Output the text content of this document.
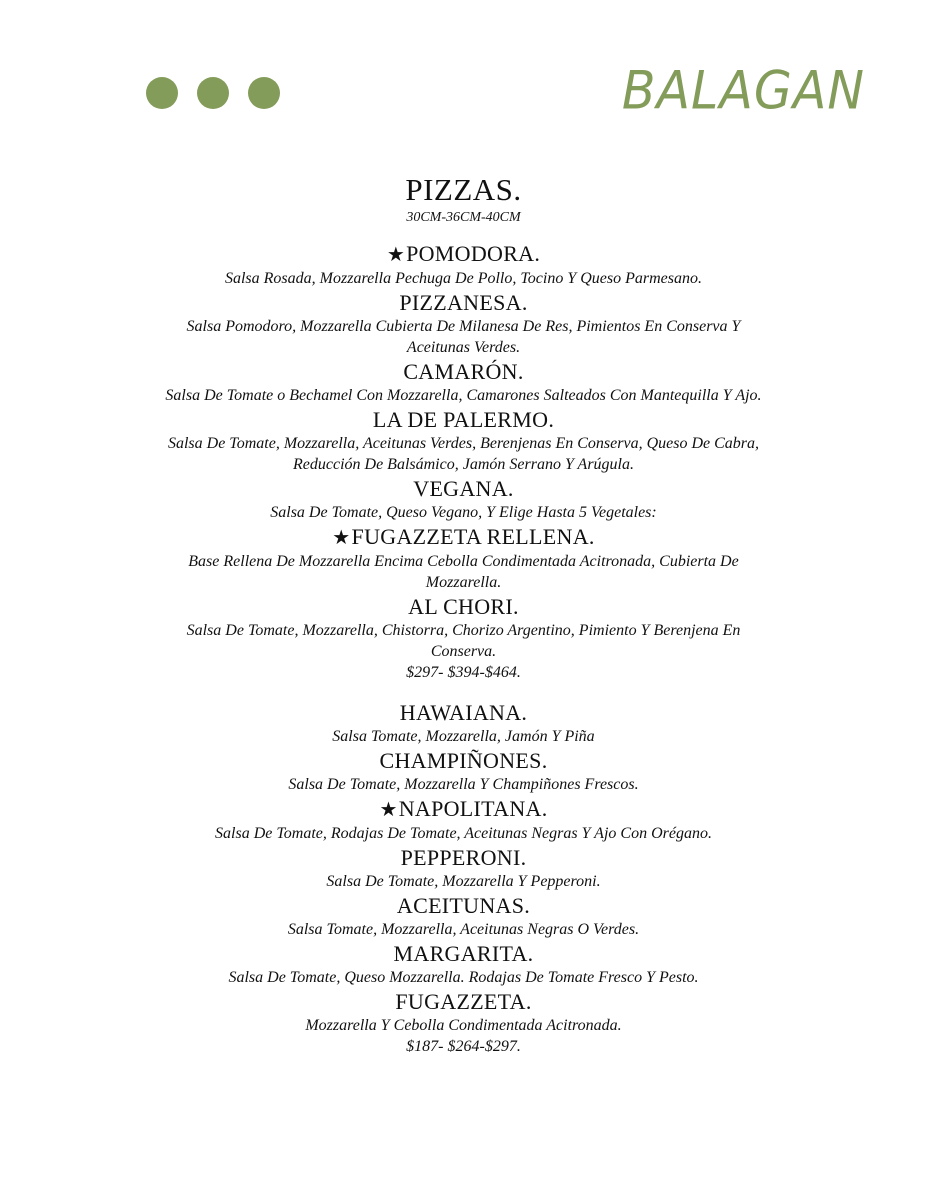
BALAGAN
PIZZAS.
30CM-36CM-40CM
★POMODORA.
Salsa Rosada, Mozzarella Pechuga De Pollo, Tocino Y Queso Parmesano.
PIZZANESA.
Salsa Pomodoro, Mozzarella Cubierta De Milanesa De Res, Pimientos En Conserva Y Aceitunas Verdes.
CAMARÓN.
Salsa De Tomate o Bechamel Con Mozzarella, Camarones Salteados Con Mantequilla Y Ajo.
LA DE PALERMO.
Salsa De Tomate, Mozzarella, Aceitunas Verdes, Berenjenas En Conserva, Queso De Cabra, Reducción De Balsámico, Jamón Serrano Y Arúgula.
VEGANA.
Salsa De Tomate, Queso Vegano, Y Elige Hasta 5 Vegetales:
★FUGAZZETA RELLENA.
Base Rellena De Mozzarella Encima Cebolla Condimentada Acitronada, Cubierta De Mozzarella.
AL CHORI.
Salsa De Tomate, Mozzarella, Chistorra, Chorizo Argentino, Pimiento Y Berenjena En Conserva.
$297- $394-$464.
HAWAIANA.
Salsa Tomate, Mozzarella, Jamón Y Piña
CHAMPIÑONES.
Salsa De Tomate, Mozzarella Y Champiñones Frescos.
★NAPOLITANA.
Salsa De Tomate, Rodajas De Tomate, Aceitunas Negras Y Ajo Con Orégano.
PEPPERONI.
Salsa De Tomate, Mozzarella Y Pepperoni.
ACEITUNAS.
Salsa Tomate, Mozzarella, Aceitunas Negras O Verdes.
MARGARITA.
Salsa De Tomate, Queso Mozzarella. Rodajas De Tomate Fresco Y Pesto.
FUGAZZETA.
Mozzarella Y Cebolla Condimentada Acitronada.
$187- $264-$297.
